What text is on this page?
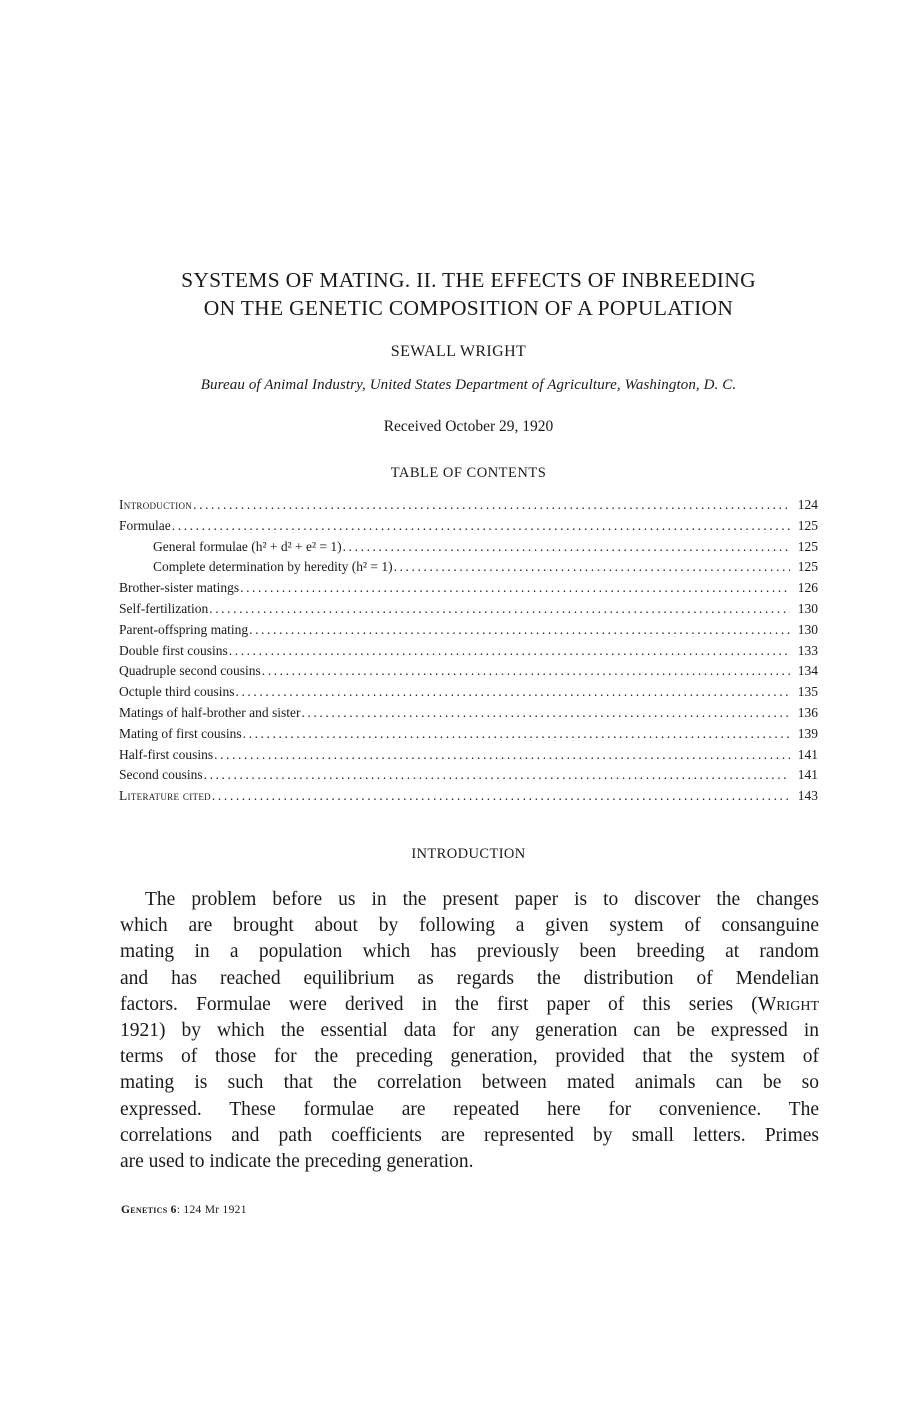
SYSTEMS OF MATING. II. THE EFFECTS OF INBREEDING
ON THE GENETIC COMPOSITION OF A POPULATION
SEWALL WRIGHT
Bureau of Animal Industry, United States Department of Agriculture, Washington, D. C.
Received October 29, 1920
TABLE OF CONTENTS
Introduction .....	124
Formulae .....	125
General formulae (h² + d² + e² = 1) .....	125
Complete determination by heredity (h² = 1) .....	125
Brother-sister matings .....	126
Self-fertilization .....	130
Parent-offspring mating .....	130
Double first cousins .....	133
Quadruple second cousins .....	134
Octuple third cousins .....	135
Matings of half-brother and sister .....	136
Mating of first cousins .....	139
Half-first cousins .....	141
Second cousins .....	141
Literature cited .....	143
INTRODUCTION
The problem before us in the present paper is to discover the changes
which are brought about by following a given system of consanguine
mating in a population which has previously been breeding at random
and has reached equilibrium as regards the distribution of Mendelian
factors. Formulae were derived in the first paper of this series (Wright
1921) by which the essential data for any generation can be expressed in
terms of those for the preceding generation, provided that the system of
mating is such that the correlation between mated animals can be so
expressed. These formulae are repeated here for convenience. The
correlations and path coefficients are represented by small letters. Primes
are used to indicate the preceding generation.
Genetics 6: 124 Mr 1921
